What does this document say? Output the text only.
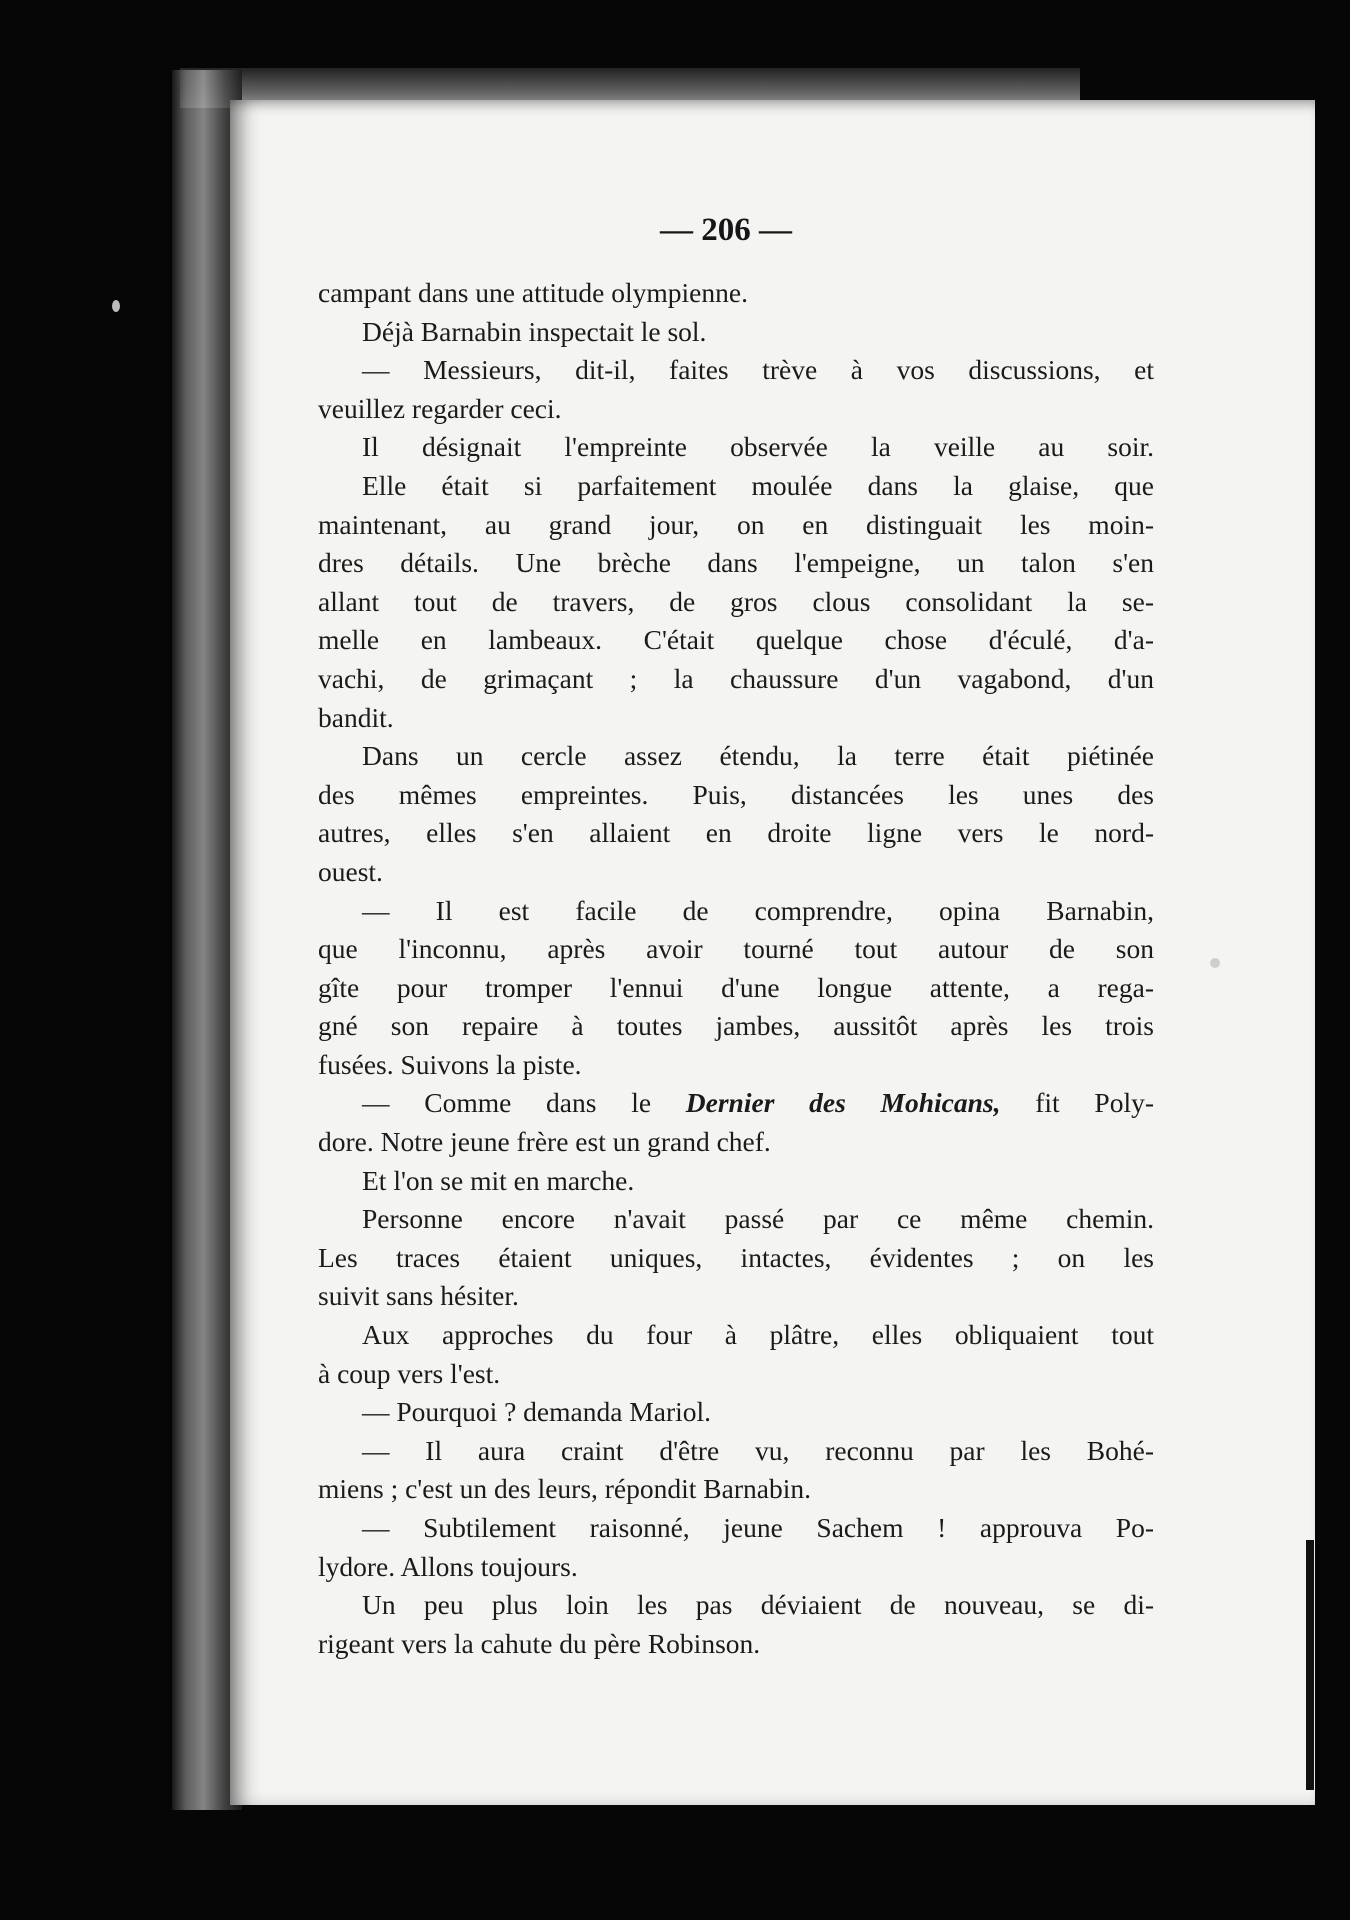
— 206 —
campant dans une attitude olympienne.
Déjà Barnabin inspectait le sol.
— Messieurs, dit-il, faites trève à vos discussions, et
veuillez regarder ceci.
Il désignait l'empreinte observée la veille au soir.
Elle était si parfaitement moulée dans la glaise, que
maintenant, au grand jour, on en distinguait les moin-
dres détails. Une brèche dans l'empeigne, un talon s'en
allant tout de travers, de gros clous consolidant la se-
melle en lambeaux. C'était quelque chose d'éculé, d'a-
vachi, de grimaçant ; la chaussure d'un vagabond, d'un
bandit.
Dans un cercle assez étendu, la terre était piétinée
des mêmes empreintes. Puis, distancées les unes des
autres, elles s'en allaient en droite ligne vers le nord-
ouest.
— Il est facile de comprendre, opina Barnabin,
que l'inconnu, après avoir tourné tout autour de son
gîte pour tromper l'ennui d'une longue attente, a rega-
gné son repaire à toutes jambes, aussitôt après les trois
fusées. Suivons la piste.
— Comme dans le Dernier des Mohicans, fit Poly-
dore. Notre jeune frère est un grand chef.
Et l'on se mit en marche.
Personne encore n'avait passé par ce même chemin.
Les traces étaient uniques, intactes, évidentes ; on les
suivit sans hésiter.
Aux approches du four à plâtre, elles obliquaient tout
à coup vers l'est.
— Pourquoi ? demanda Mariol.
— Il aura craint d'être vu, reconnu par les Bohé-
miens ; c'est un des leurs, répondit Barnabin.
— Subtilement raisonné, jeune Sachem ! approuva Po-
lydore. Allons toujours.
Un peu plus loin les pas déviaient de nouveau, se di-
rigeant vers la cahute du père Robinson.
